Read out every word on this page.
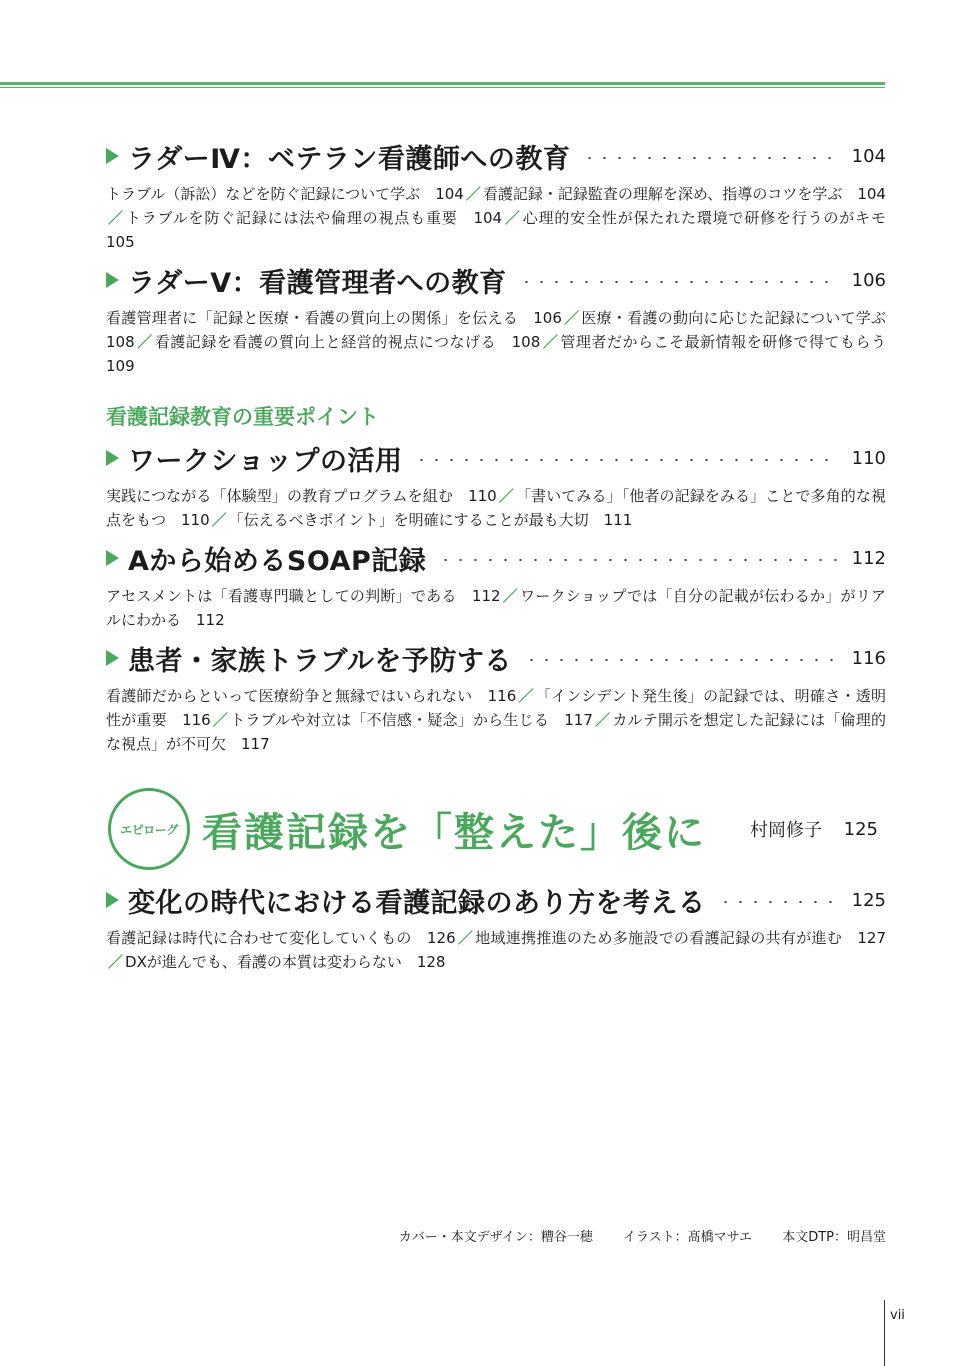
ラダーⅣ：ベテラン看護師への教育	104
トラブル（訴訟）などを防ぐ記録について学ぶ　104 ／ 看護記録・記録監査の理解を深め、指導のコツを学ぶ　104／ トラブルを防ぐ記録には法や倫理の視点も重要　104 ／ 心理的安全性が保たれた環境で研修を行うのがキモ　105
ラダーⅤ：看護管理者への教育	106
看護管理者に「記録と医療・看護の質向上の関係」を伝える　106 ／ 医療・看護の動向に応じた記録について学ぶ　108 ／ 看護記録を看護の質向上と経営的視点につなげる　108 ／ 管理者だからこそ最新情報を研修で得てもらう　109
看護記録教育の重要ポイント
ワークショップの活用	110
実践につながる「体験型」の教育プログラムを組む　110 ／ 「書いてみる」「他者の記録をみる」ことで多角的な視点をもつ　110 ／ 「伝えるべきポイント」を明確にすることが最も大切　111
Aから始めるSOAP記録	112
アセスメントは「看護専門職としての判断」である　112 ／ ワークショップでは「自分の記載が伝わるか」がリアルにわかる　112
患者・家族トラブルを予防する	116
看護師だからといって医療紛争と無縁ではいられない　116 ／ 「インシデント発生後」の記録では、明確さ・透明性が重要　116 ／ トラブルや対立は「不信感・疑念」から生じる　117 ／ カルテ開示を想定した記録には「倫理的な視点」が不可欠　117
エピローグ 看護記録を「整えた」後に 村岡修子 125
変化の時代における看護記録のあり方を考える	125
看護記録は時代に合わせて変化していくもの　126 ／ 地域連携推進のため多施設での看護記録の共有が進む　127／ DXが進んでも、看護の本質は変わらない　128
カバー・本文デザイン：糟谷一穂 イラスト：髙橋マサエ 本文DTP：明昌堂
vii
